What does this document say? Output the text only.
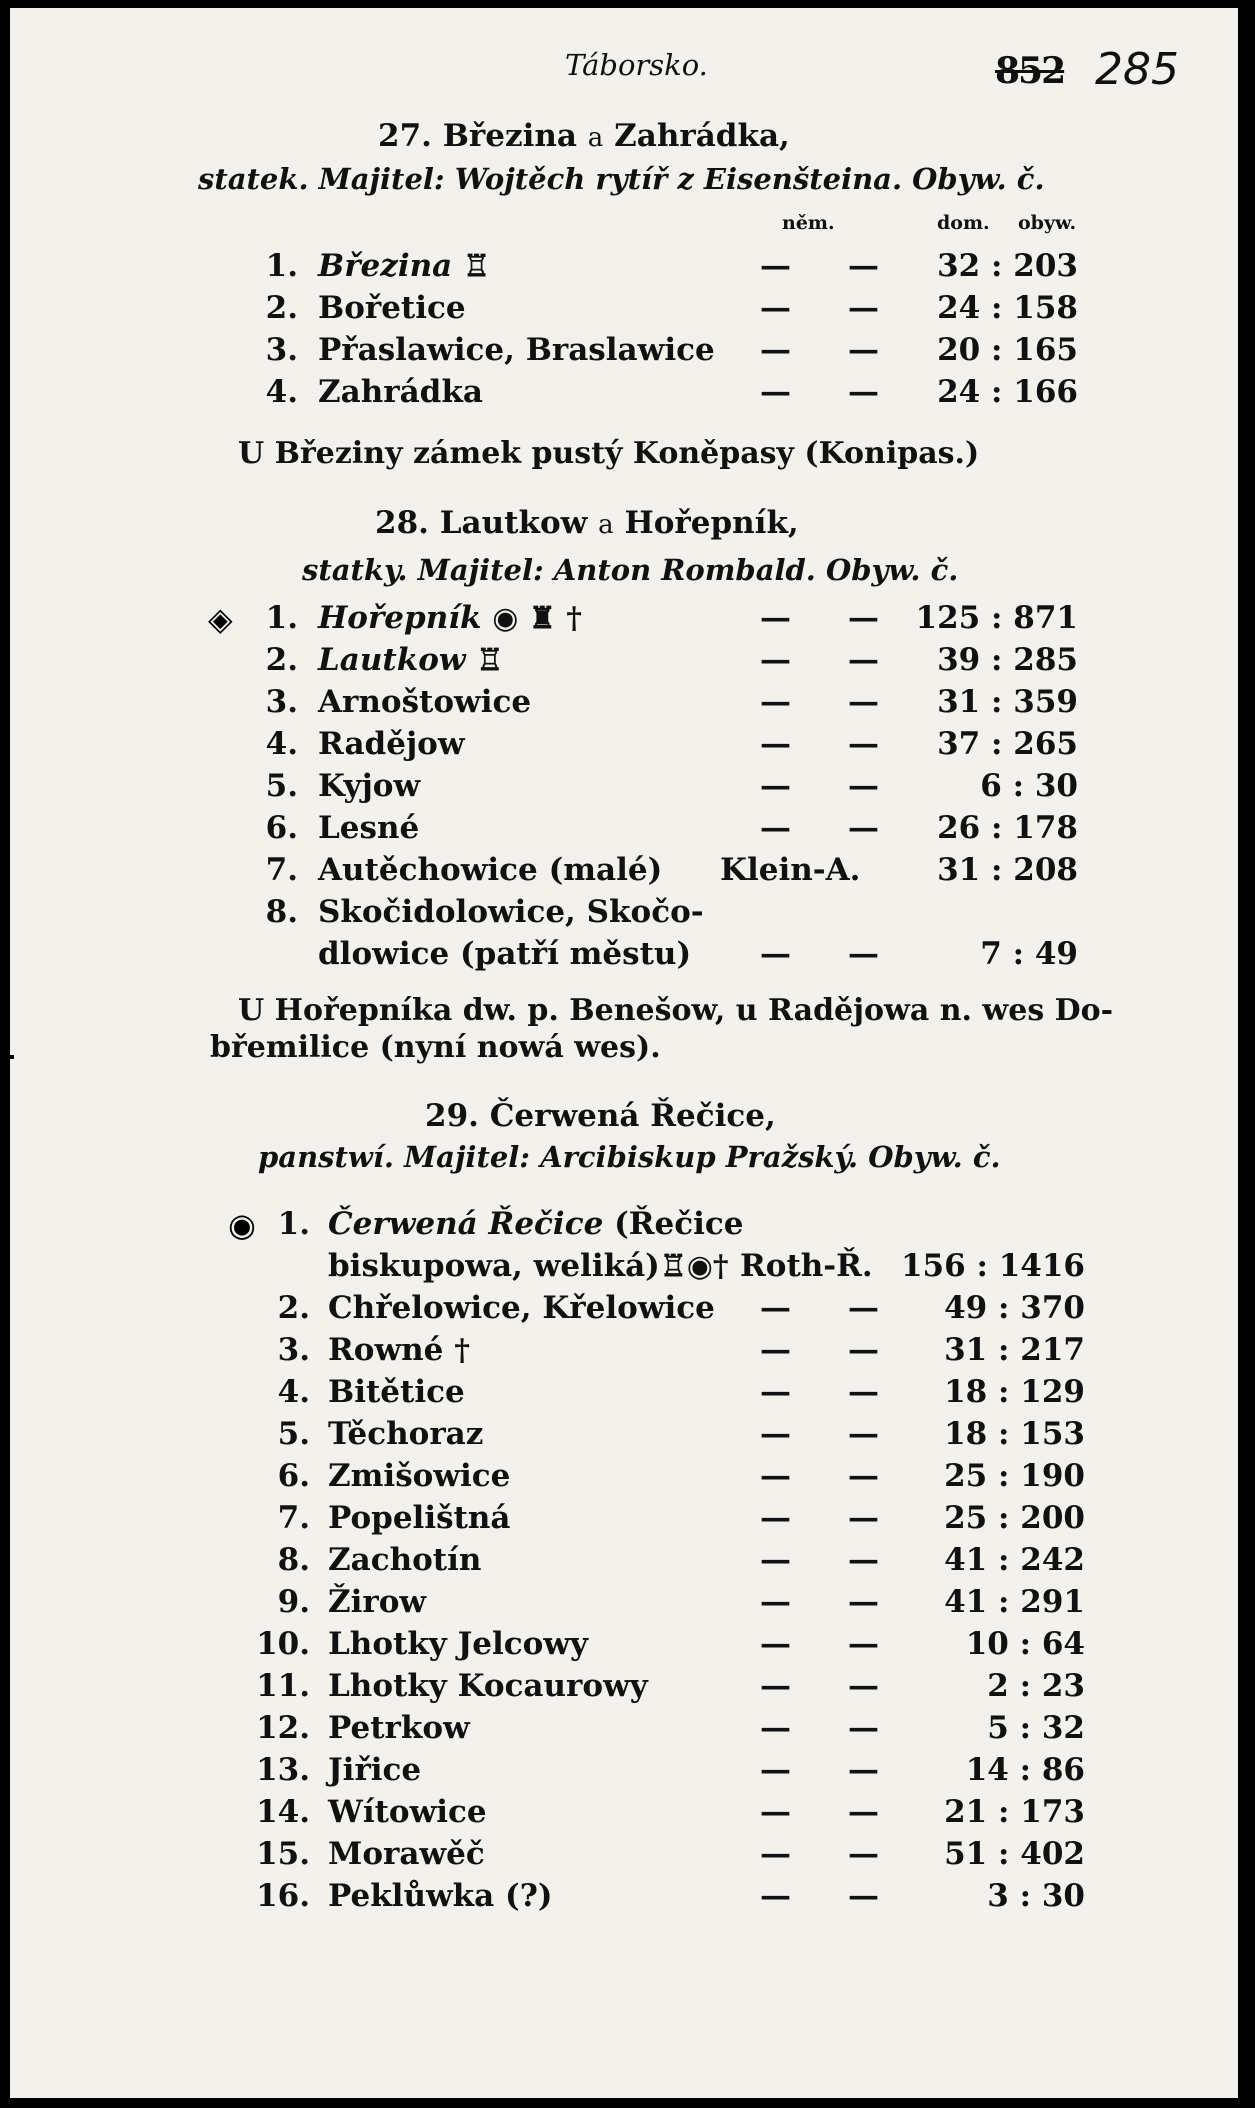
Táborsko.	852 285
27. Březina a Zahrádka,
statek. Majitel: Wojtěch rytíř z Eisenšteina. Obyw. č.
něm.	dom. obyw.
1. Březina ♖	— —	32 : 203
2. Bořetice	— —	24 : 158
3. Přaslawice, Braslawice — —	20 : 165
4. Zahrádka	— —	24 : 166
U Březiny zámek pustý Koněpasy (Konipas.)
28. Lautkow a Hořepník,
statky. Majitel: Anton Rombald. Obyw. č.
◈	1. Hořepník ◉ ♜ †	— —	125 : 871
2. Lautkow ♖	— —	39 : 285
3. Arnoštowice	— —	31 : 359
4. Radějow	— —	37 : 265
5. Kyjow	— —	6 : 30
6. Lesné	— —	26 : 178
7. Autěchowice (malé) Klein-A.	31 : 208
8. Skočidolowice, Skočo-
dlowice (patří městu) — —	7 : 49
U Hořepníka dw. p. Benešow, u Radějowa n. wes Do-
břemilice (nyní nowá wes).
29. Čerwená Řečice,
panstwí. Majitel: Arcibiskup Pražský. Obyw. č.
◉ 1. Čerwená Řečice (Řečice
biskupowa, weliká)♖◉† Roth-Ř. 156 : 1416
2. Chřelowice, Křelowice — —	49 : 370
3. Rowné †	— —	31 : 217
4. Bitětice	— —	18 : 129
5. Těchoraz	— —	18 : 153
6. Zmišowice	— —	25 : 190
7. Popelištná	— —	25 : 200
8. Zachotín	— —	41 : 242
9. Žirow	— —	41 : 291
10. Lhotky Jelcowy	— —	10 : 64
11. Lhotky Kocaurowy	— —	2 : 23
12. Petrkow	— —	5 : 32
13. Jiřice	— —	14 : 86
14. Wítowice	— —	21 : 173
15. Morawěč	— —	51 : 402
16. Peklůwka (?)	— —	3 : 30
